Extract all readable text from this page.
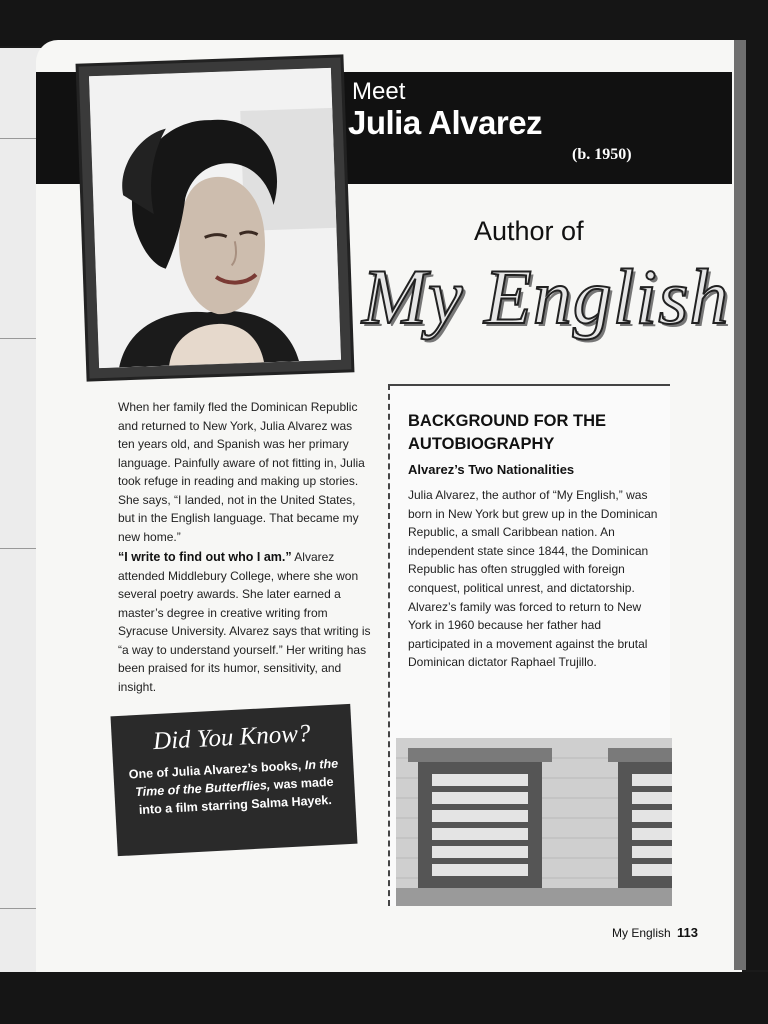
Meet
Julia Alvarez
(b. 1950)
Author of
My English

When her family fled the Dominican Republic and returned to New York, Julia Alvarez was ten years old, and Spanish was her primary language. Painfully aware of not fitting in, Julia took refuge in reading and making up stories. She says, “I landed, not in the United States, but in the English language. That became my new home.”

“I write to find out who I am.” Alvarez attended Middlebury College, where she won several poetry awards. She later earned a master’s degree in creative writing from Syracuse University. Alvarez says that writing is “a way to understand yourself.” Her writing has been praised for its humor, sensitivity, and insight.

Did You Know?
One of Julia Alvarez’s books, In the Time of the Butterflies, was made into a film starring Salma Hayek.
BACKGROUND FOR THE AUTOBIOGRAPHY
Alvarez’s Two Nationalities
Julia Alvarez, the author of “My English,” was born in New York but grew up in the Dominican Republic, a small Caribbean nation. An independent state since 1844, the Dominican Republic has often struggled with foreign conquest, political unrest, and dictatorship. Alvarez’s family was forced to return to New York in 1960 because her father had participated in a movement against the brutal Dominican dictator Raphael Trujillo.
My English 113
